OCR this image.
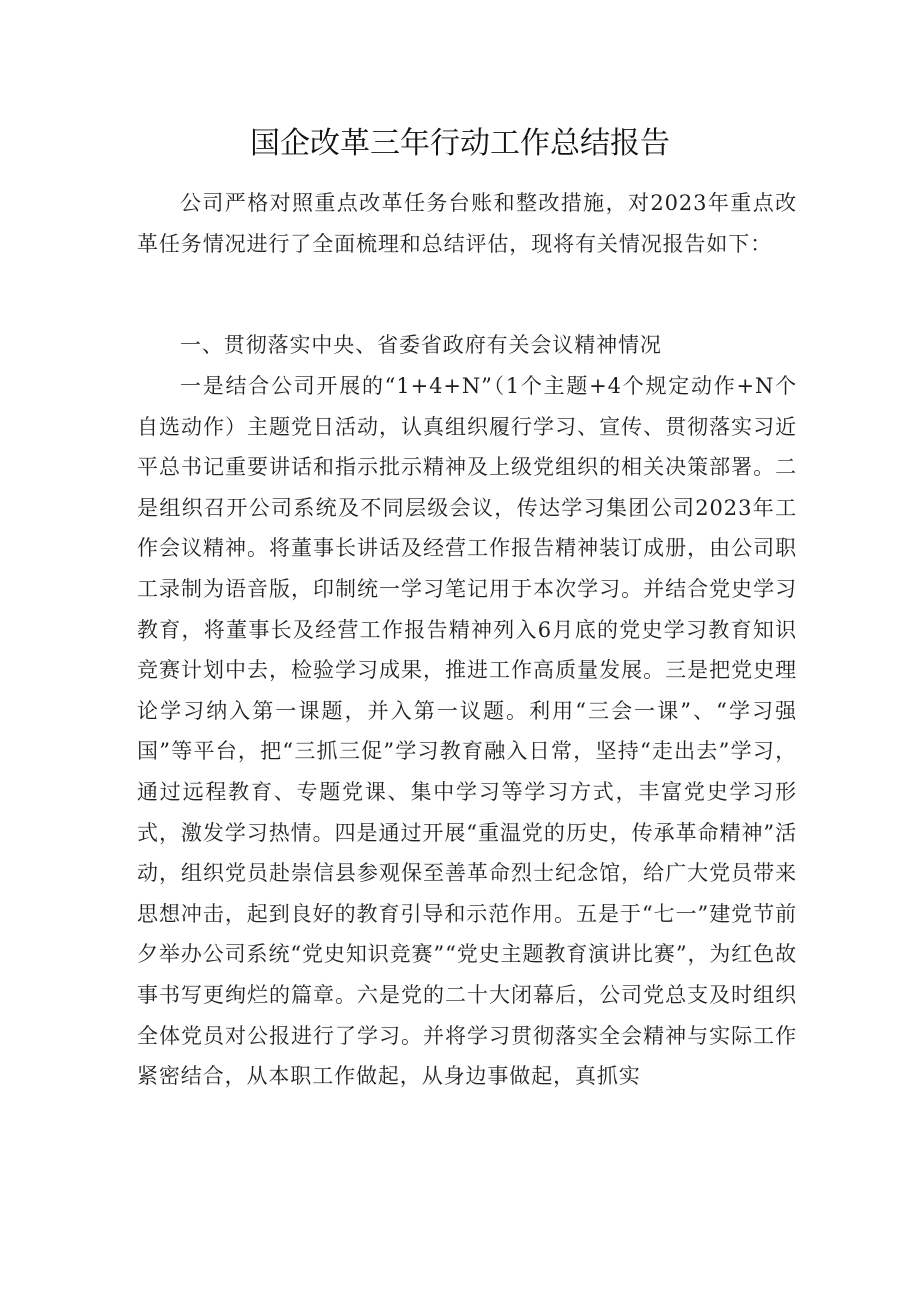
国企改革三年行动工作总结报告

公司严格对照重点改革任务台账和整改措施，对2023年重点改革任务情况进行了全面梳理和总结评估，现将有关情况报告如下：

一、贯彻落实中央、省委省政府有关会议精神情况

一是结合公司开展的“1+4+N”（1个主题+4个规定动作+N个自选动作）主题党日活动，认真组织履行学习、宣传、贯彻落实习近平总书记重要讲话和指示批示精神及上级党组织的相关决策部署。二是组织召开公司系统及不同层级会议，传达学习集团公司2023年工作会议精神。将董事长讲话及经营工作报告精神装订成册，由公司职工录制为语音版，印制统一学习笔记用于本次学习。并结合党史学习教育，将董事长及经营工作报告精神列入6月底的党史学习教育知识竞赛计划中去，检验学习成果，推进工作高质量发展。三是把党史理论学习纳入第一课题，并入第一议题。利用“三会一课”、“学习强国”等平台，把“三抓三促”学习教育融入日常，坚持“走出去”学习，通过远程教育、专题党课、集中学习等学习方式，丰富党史学习形式，激发学习热情。四是通过开展“重温党的历史，传承革命精神”活动，组织党员赴崇信县参观保至善革命烈士纪念馆，给广大党员带来思想冲击，起到良好的教育引导和示范作用。五是于“七一”建党节前夕举办公司系统“党史知识竞赛”“党史主题教育演讲比赛”，为红色故事书写更绚烂的篇章。六是党的二十大闭幕后，公司党总支及时组织全体党员对公报进行了学习。并将学习贯彻落实全会精神与实际工作紧密结合，从本职工作做起，从身边事做起，真抓实
